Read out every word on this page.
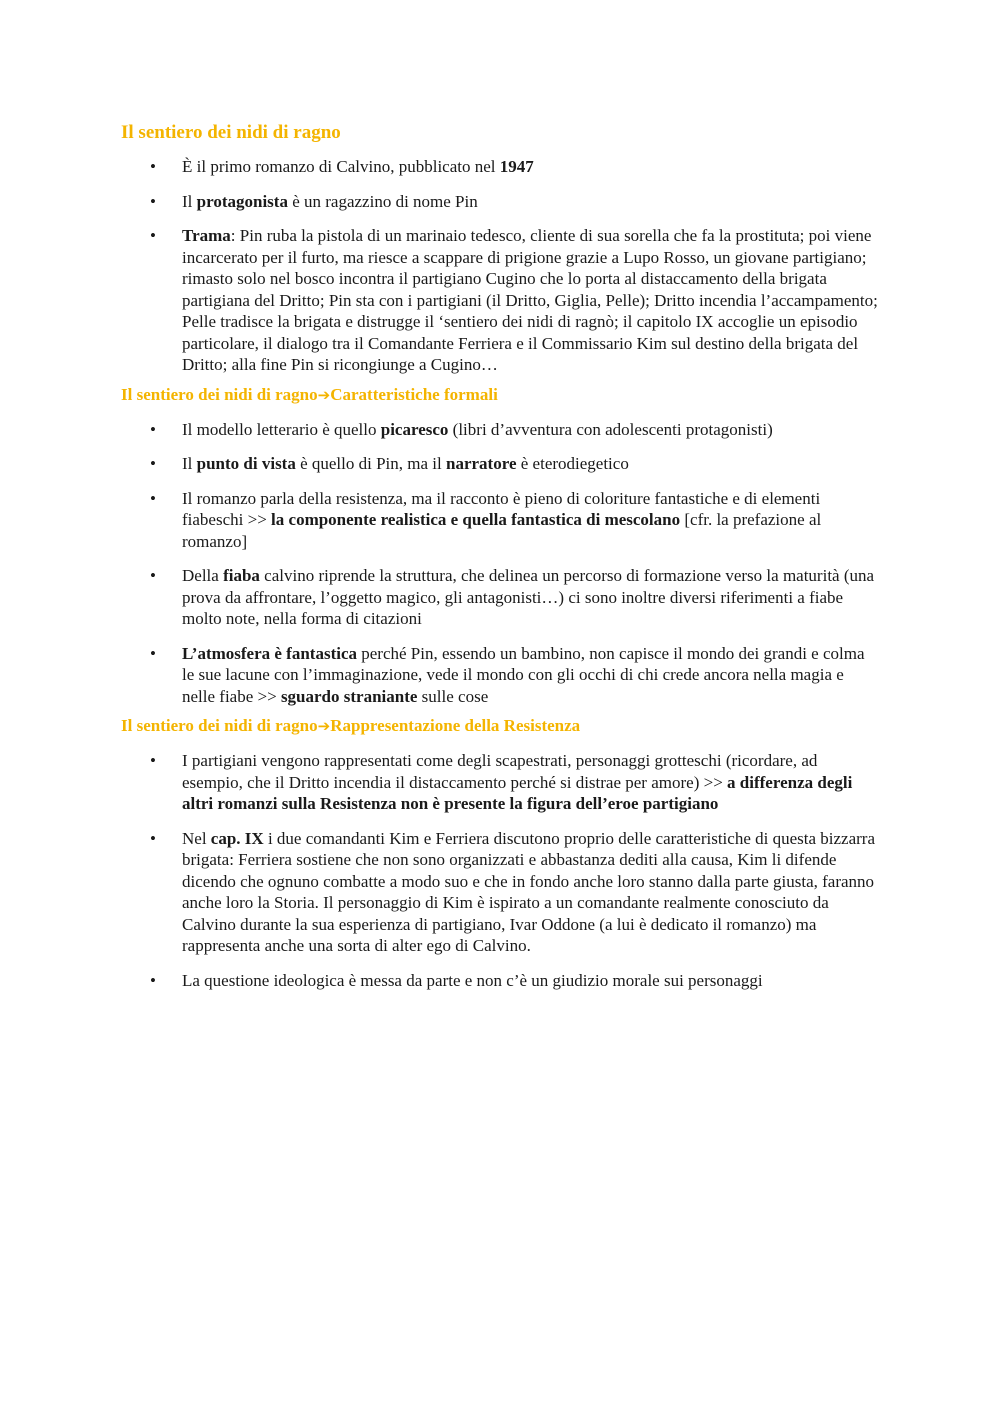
Il sentiero dei nidi di ragno
• È il primo romanzo di Calvino, pubblicato nel 1947
• Il protagonista è un ragazzino di nome Pin
• Trama: Pin ruba la pistola di un marinaio tedesco, cliente di sua sorella che fa la prostituta; poi viene incarcerato per il furto, ma riesce a scappare di prigione grazie a Lupo Rosso, un giovane partigiano; rimasto solo nel bosco incontra il partigiano Cugino che lo porta al distaccamento della brigata partigiana del Dritto; Pin sta con i partigiani (il Dritto, Giglia, Pelle); Dritto incendia l’accampamento; Pelle tradisce la brigata e distrugge il ‘sentiero dei nidi di ragnò; il capitolo IX accoglie un episodio particolare, il dialogo tra il Comandante Ferriera e il Commissario Kim sul destino della brigata del Dritto; alla fine Pin si ricongiunge a Cugino…
Il sentiero dei nidi di ragno➔Caratteristiche formali
• Il modello letterario è quello picaresco (libri d’avventura con adolescenti protagonisti)
• Il punto di vista è quello di Pin, ma il narratore è eterodiegetico
• Il romanzo parla della resistenza, ma il racconto è pieno di coloriture fantastiche e di elementi fiabeschi >> la componente realistica e quella fantastica di mescolano [cfr. la prefazione al romanzo]
• Della fiaba calvino riprende la struttura, che delinea un percorso di formazione verso la maturità (una prova da affrontare, l’oggetto magico, gli antagonisti…) ci sono inoltre diversi riferimenti a fiabe molto note, nella forma di citazioni
• L’atmosfera è fantastica perché Pin, essendo un bambino, non capisce il mondo dei grandi e colma le sue lacune con l’immaginazione, vede il mondo con gli occhi di chi crede ancora nella magia e nelle fiabe >> sguardo straniante sulle cose
Il sentiero dei nidi di ragno➔Rappresentazione della Resistenza
• I partigiani vengono rappresentati come degli scapestrati, personaggi grotteschi (ricordare, ad esempio, che il Dritto incendia il distaccamento perché si distrae per amore) >> a differenza degli altri romanzi sulla Resistenza non è presente la figura dell’eroe partigiano
• Nel cap. IX i due comandanti Kim e Ferriera discutono proprio delle caratteristiche di questa bizzarra brigata: Ferriera sostiene che non sono organizzati e abbastanza dediti alla causa, Kim li difende dicendo che ognuno combatte a modo suo e che in fondo anche loro stanno dalla parte giusta, faranno anche loro la Storia. Il personaggio di Kim è ispirato a un comandante realmente conosciuto da Calvino durante la sua esperienza di partigiano, Ivar Oddone (a lui è dedicato il romanzo) ma rappresenta anche una sorta di alter ego di Calvino.
• La questione ideologica è messa da parte e non c’è un giudizio morale sui personaggi
